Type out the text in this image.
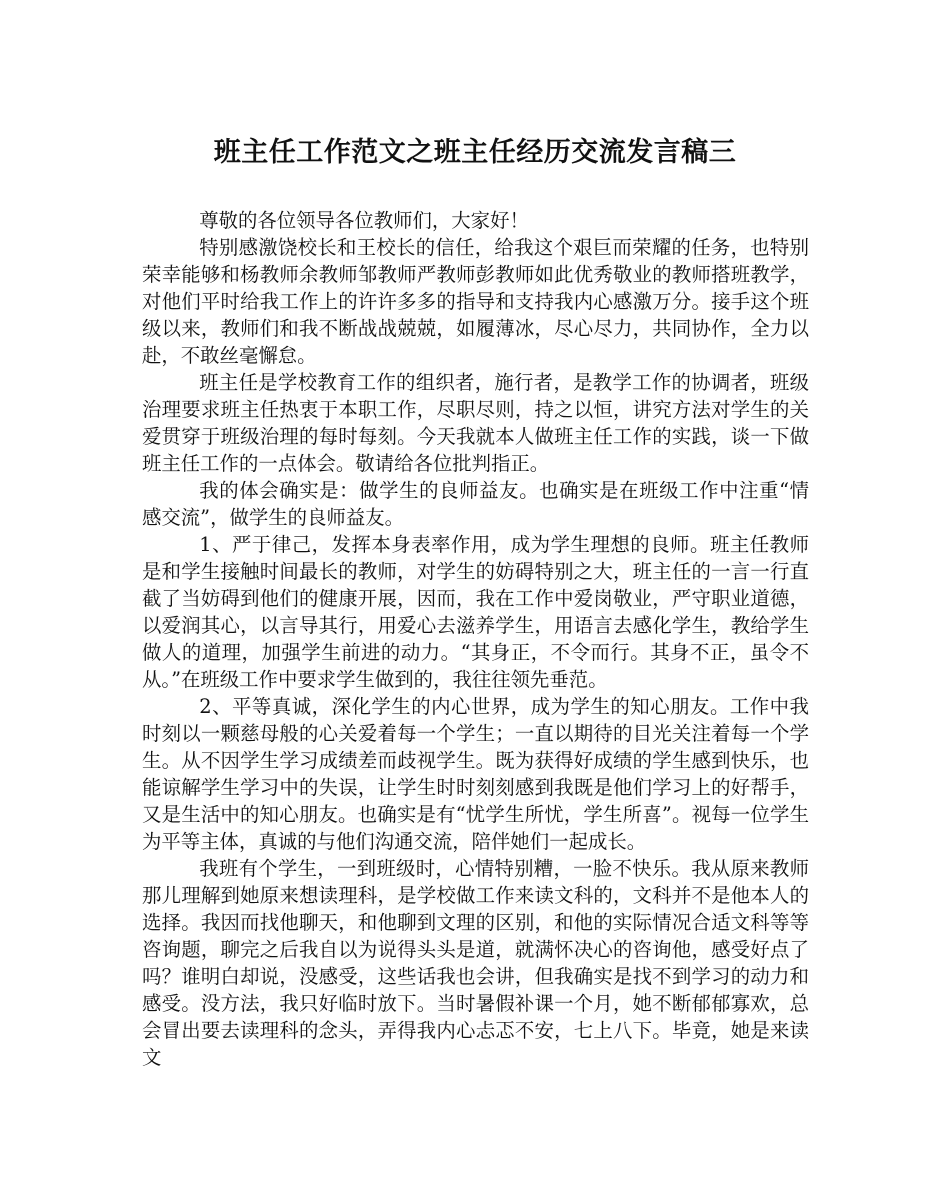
班主任工作范文之班主任经历交流发言稿三

尊敬的各位领导各位教师们，大家好！

特别感激饶校长和王校长的信任，给我这个艰巨而荣耀的任务，也特别荣幸能够和杨教师余教师邹教师严教师彭教师如此优秀敬业的教师搭班教学，对他们平时给我工作上的许许多多的指导和支持我内心感激万分。接手这个班级以来，教师们和我不断战战兢兢，如履薄冰，尽心尽力，共同协作，全力以赴，不敢丝毫懈怠。

班主任是学校教育工作的组织者，施行者，是教学工作的协调者，班级治理要求班主任热衷于本职工作，尽职尽则，持之以恒，讲究方法对学生的关爱贯穿于班级治理的每时每刻。今天我就本人做班主任工作的实践，谈一下做班主任工作的一点体会。敬请给各位批判指正。

我的体会确实是：做学生的良师益友。也确实是在班级工作中注重“情感交流”，做学生的良师益友。

1、严于律己，发挥本身表率作用，成为学生理想的良师。班主任教师是和学生接触时间最长的教师，对学生的妨碍特别之大，班主任的一言一行直截了当妨碍到他们的健康开展，因而，我在工作中爱岗敬业，严守职业道德，以爱润其心，以言导其行，用爱心去滋养学生，用语言去感化学生，教给学生做人的道理，加强学生前进的动力。“其身正，不令而行。其身不正，虽令不从。”在班级工作中要求学生做到的，我往往领先垂范。

2、平等真诚，深化学生的内心世界，成为学生的知心朋友。工作中我时刻以一颗慈母般的心关爱着每一个学生；一直以期待的目光关注着每一个学生。从不因学生学习成绩差而歧视学生。既为获得好成绩的学生感到快乐，也能谅解学生学习中的失误，让学生时时刻刻感到我既是他们学习上的好帮手，又是生活中的知心朋友。也确实是有“忧学生所忧，学生所喜”。视每一位学生为平等主体，真诚的与他们沟通交流，陪伴她们一起成长。

我班有个学生，一到班级时，心情特别糟，一脸不快乐。我从原来教师那儿理解到她原来想读理科，是学校做工作来读文科的，文科并不是他本人的选择。我因而找他聊天，和他聊到文理的区别，和他的实际情况合适文科等等咨询题，聊完之后我自以为说得头头是道，就满怀决心的咨询他，感受好点了吗？谁明白却说，没感受，这些话我也会讲，但我确实是找不到学习的动力和感受。没方法，我只好临时放下。当时暑假补课一个月，她不断郁郁寡欢，总会冒出要去读理科的念头，弄得我内心忐忑不安，七上八下。毕竟，她是来读文
